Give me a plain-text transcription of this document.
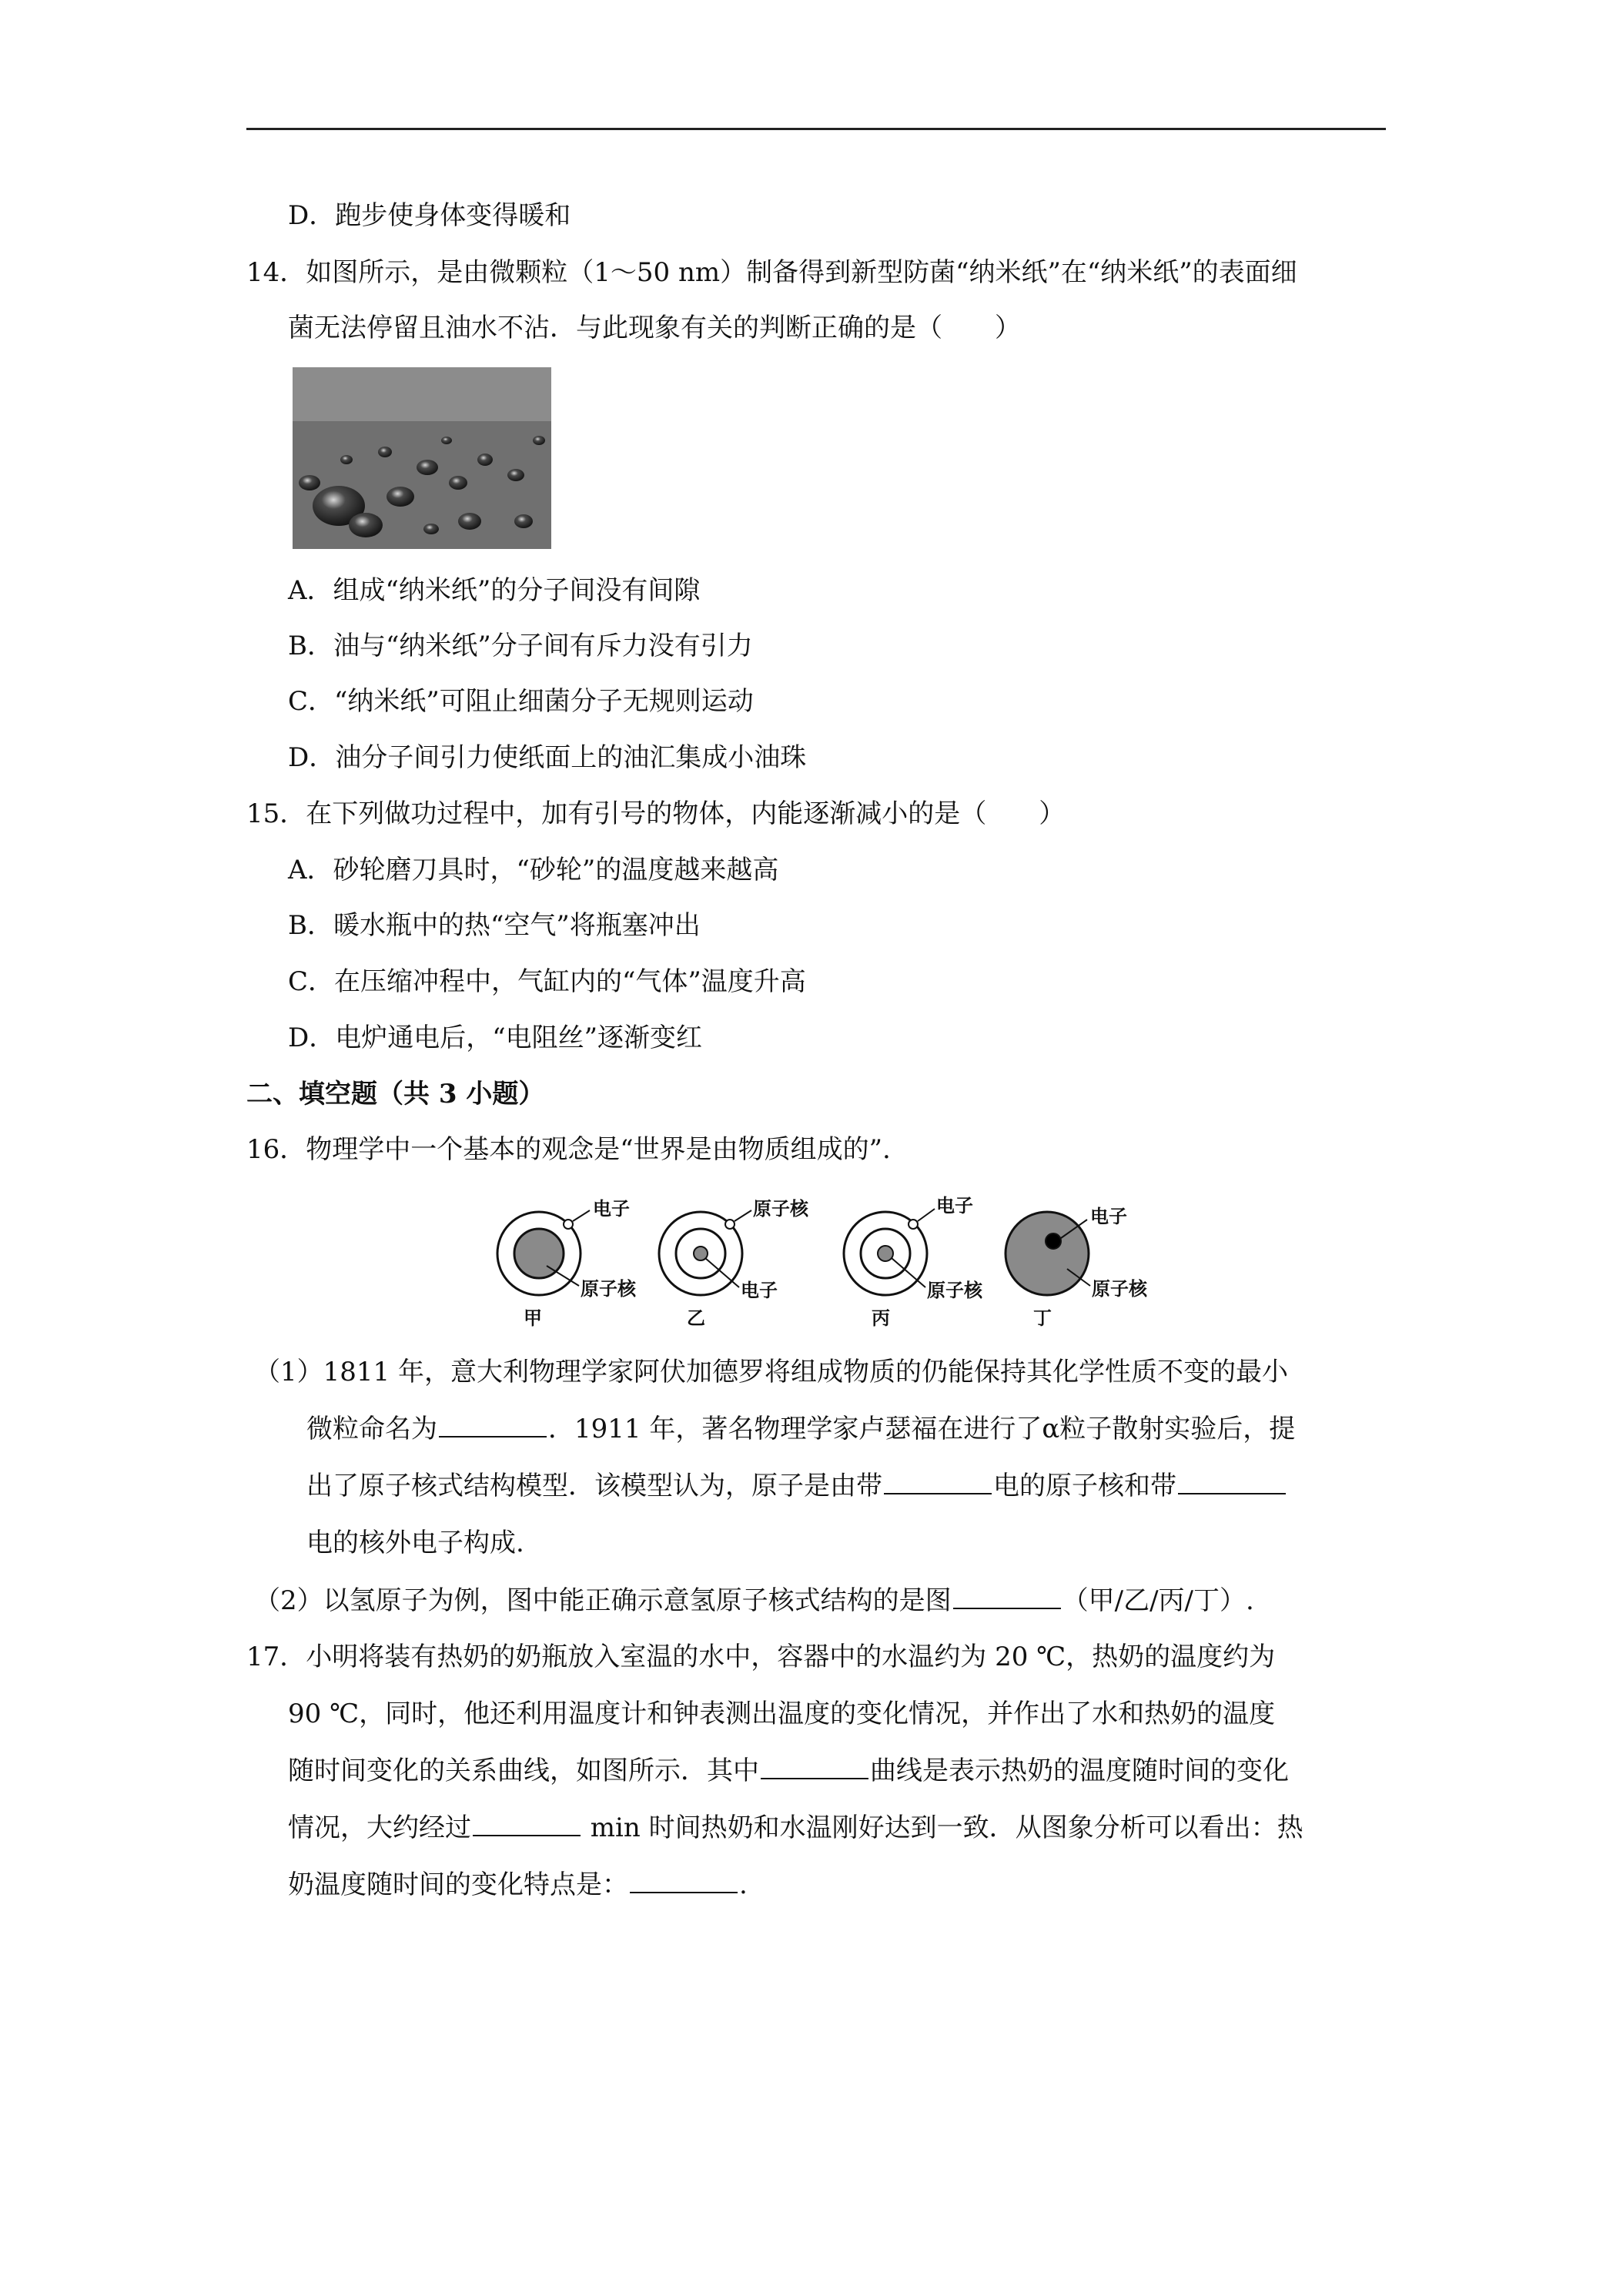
D．跑步使身体变得暖和
14．如图所示，是由微颗粒（1～50 nm）制备得到新型防菌“纳米纸”在“纳米纸”的表面细
菌无法停留且油水不沾．与此现象有关的判断正确的是（　　）
A．组成“纳米纸”的分子间没有间隙
B．油与“纳米纸”分子间有斥力没有引力
C．“纳米纸”可阻止细菌分子无规则运动
D．油分子间引力使纸面上的油汇集成小油珠
15．在下列做功过程中，加有引号的物体，内能逐渐减小的是（　　）
A．砂轮磨刀具时，“砂轮”的温度越来越高
B．暖水瓶中的热“空气”将瓶塞冲出
C．在压缩冲程中，气缸内的“气体”温度升高
D．电炉通电后，“电阻丝”逐渐变红
二、填空题（共 3 小题）
16．物理学中一个基本的观念是“世界是由物质组成的”.
电子
原子核
甲
原子核
电子
乙
电子
原子核
丙
电子
原子核
丁
（1）1811 年，意大利物理学家阿伏加德罗将组成物质的仍能保持其化学性质不变的最小
微粒命名为	．1911 年，著名物理学家卢瑟福在进行了α粒子散射实验后，提
出了原子核式结构模型．该模型认为，原子是由带	电的原子核和带
电的核外电子构成.
（2）以氢原子为例，图中能正确示意氢原子核式结构的是图	（甲/乙/丙/丁）.
17．小明将装有热奶的奶瓶放入室温的水中，容器中的水温约为 20 ℃，热奶的温度约为
90 ℃，同时，他还利用温度计和钟表测出温度的变化情况，并作出了水和热奶的温度
随时间变化的关系曲线，如图所示．其中	曲线是表示热奶的温度随时间的变化
情况，大约经过	min 时间热奶和水温刚好达到一致．从图象分析可以看出：热
奶温度随时间的变化特点是：	.
